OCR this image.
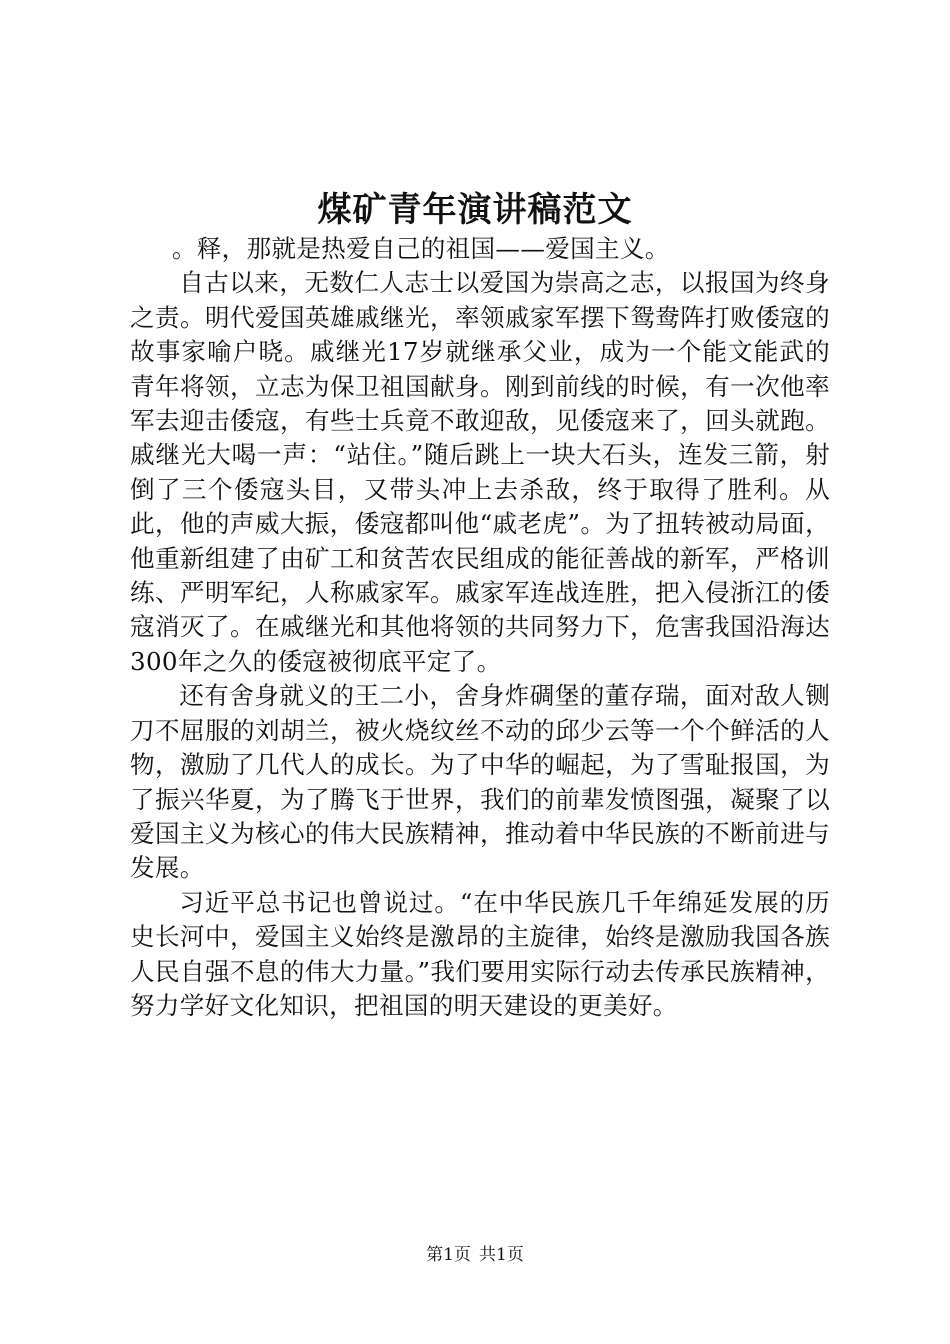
煤矿青年演讲稿范文

。释，那就是热爱自己的祖国——爱国主义。

自古以来，无数仁人志士以爱国为崇高之志，以报国为终身之责。明代爱国英雄戚继光，率领戚家军摆下鸳鸯阵打败倭寇的故事家喻户晓。戚继光17岁就继承父业，成为一个能文能武的青年将领，立志为保卫祖国献身。刚到前线的时候，有一次他率军去迎击倭寇，有些士兵竟不敢迎敌，见倭寇来了，回头就跑。戚继光大喝一声：“站住。”随后跳上一块大石头，连发三箭，射倒了三个倭寇头目，又带头冲上去杀敌，终于取得了胜利。从此，他的声威大振，倭寇都叫他“戚老虎”。为了扭转被动局面，他重新组建了由矿工和贫苦农民组成的能征善战的新军，严格训练、严明军纪，人称戚家军。戚家军连战连胜，把入侵浙江的倭寇消灭了。在戚继光和其他将领的共同努力下，危害我国沿海达300年之久的倭寇被彻底平定了。

还有舍身就义的王二小，舍身炸碉堡的董存瑞，面对敌人铡刀不屈服的刘胡兰，被火烧纹丝不动的邱少云等一个个鲜活的人物，激励了几代人的成长。为了中华的崛起，为了雪耻报国，为了振兴华夏，为了腾飞于世界，我们的前辈发愤图强，凝聚了以爱国主义为核心的伟大民族精神，推动着中华民族的不断前进与发展。

习近平总书记也曾说过。“在中华民族几千年绵延发展的历史长河中，爱国主义始终是激昂的主旋律，始终是激励我国各族人民自强不息的伟大力量。”我们要用实际行动去传承民族精神，努力学好文化知识，把祖国的明天建设的更美好。

第1页 共1页
